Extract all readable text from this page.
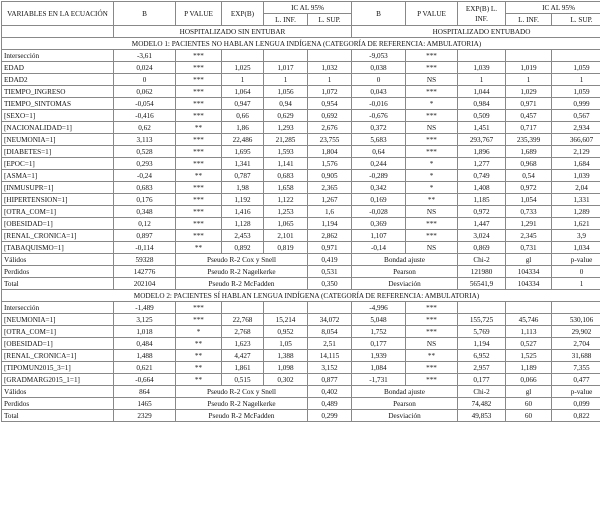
VARIABLES EN LA ECUACIÓN	B	P VALUE	EXP(B)	IC AL 95%		B	P VALUE	EXP(B) L. INF.	IC AL 95%	
				L. INF.	L. SUP.				L. INF.	L. SUP.
	HOSPITALIZADO SIN ENTUBAR					HOSPITALIZADO ENTUBADO				
MODELO 1: PACIENTES NO HABLAN LENGUA INDÍGENA (CATEGORÍA DE REFERENCIA: AMBULATORIA)										
Intersección	-3,61	***				-9,053	***			
EDAD	0,024	***	1,025	1,017	1,032	0,038	***	1,039	1,019	1,059
EDAD2	0	***	1	1	1	0	NS	1	1	1
TIEMPO_INGRESO	0,062	***	1,064	1,056	1,072	0,043	***	1,044	1,029	1,059
TIEMPO_SINTOMAS	-0,054	***	0,947	0,94	0,954	-0,016	*	0,984	0,971	0,999
[SEXO=1]	-0,416	***	0,66	0,629	0,692	-0,676	***	0,509	0,457	0,567
[NACIONALIDAD=1]	0,62	**	1,86	1,293	2,676	0,372	NS	1,451	0,717	2,934
[NEUMONIA=1]	3,113	***	22,486	21,285	23,755	5,683	***	293,767	235,399	366,607
[DIABETES=1]	0,528	***	1,695	1,593	1,804	0,64	***	1,896	1,689	2,129
[EPOC=1]	0,293	***	1,341	1,141	1,576	0,244	*	1,277	0,968	1,684
[ASMA=1]	-0,24	**	0,787	0,683	0,905	-0,289	*	0,749	0,54	1,039
[INMUSUPR=1]	0,683	***	1,98	1,658	2,365	0,342	*	1,408	0,972	2,04
[HIPERTENSION=1]	0,176	***	1,192	1,122	1,267	0,169	**	1,185	1,054	1,331
[OTRA_COM=1]	0,348	***	1,416	1,253	1,6	-0,028	NS	0,972	0,733	1,289
[OBESIDAD=1]	0,12	***	1,128	1,065	1,194	0,369	***	1,447	1,291	1,621
[RENAL_CRONICA=1]	0,897	***	2,453	2,101	2,862	1,107	***	3,024	2,345	3,9
[TABAQUISMO=1]	-0,114	**	0,892	0,819	0,971	-0,14	NS	0,869	0,731	1,034
Válidos	59328	Pseudo R-2 Cox y Snell			0,419	Bondad ajuste		Chi-2	gl	p-value
Perdidos	142776	Pseudo R-2 Nagelkerke			0,531	Pearson		121980	104334	0
Total	202104	Pseudo R-2 McFadden			0,350	Desviación		56541,9	104334	1
MODELO 2: PACIENTES SÍ HABLAN LENGUA INDÍGENA (CATEGORÍA DE REFERENCIA: AMBULATORIA)										
Intersección	-1,489	***				-4,996	***			
[NEUMONIA=1]	3,125	***	22,768	15,214	34,072	5,048	***	155,725	45,746	530,106
[OTRA_COM=1]	1,018	*	2,768	0,952	8,054	1,752	***	5,769	1,113	29,902
[OBESIDAD=1]	0,484	**	1,623	1,05	2,51	0,177	NS	1,194	0,527	2,704
[RENAL_CRONICA=1]	1,488	**	4,427	1,388	14,115	1,939	**	6,952	1,525	31,688
[TIPOMUN2015_3=1]	0,621	**	1,861	1,098	3,152	1,084	***	2,957	1,189	7,355
[GRADMARG2015_1=1]	-0,664	**	0,515	0,302	0,877	-1,731	***	0,177	0,066	0,477
Válidos	864	Pseudo R-2 Cox y Snell			0,402	Bondad ajuste		Chi-2	gl	p-value
Perdidos	1465	Pseudo R-2 Nagelkerke			0,489	Pearson		74,482	60	0,099
Total	2329	Pseudo R-2 McFadden			0,299	Desviación		49,853	60	0,822
